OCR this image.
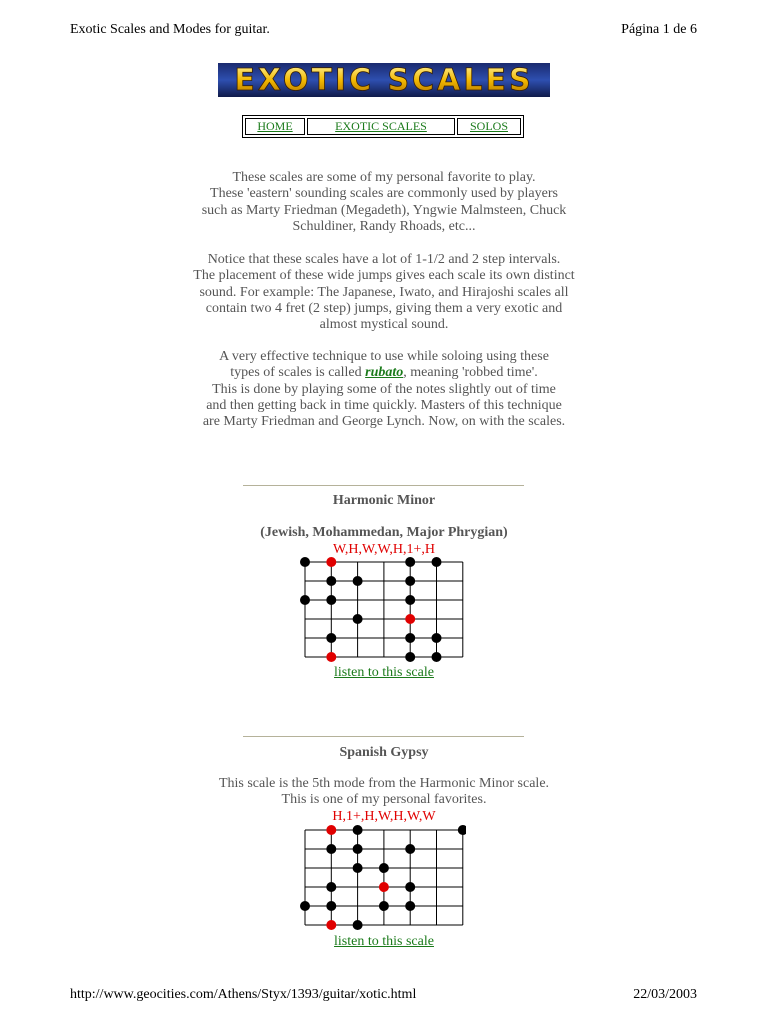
Exotic Scales and Modes for guitar.	Página 1 de 6
EXOTIC SCALES
HOME	EXOTIC SCALES	SOLOS
These scales are some of my personal favorite to play.
These 'eastern' sounding scales are commonly used by players
such as Marty Friedman (Megadeth), Yngwie Malmsteen, Chuck
Schuldiner, Randy Rhoads, etc...
Notice that these scales have a lot of 1-1/2 and 2 step intervals.
The placement of these wide jumps gives each scale its own distinct
sound. For example: The Japanese, Iwato, and Hirajoshi scales all
contain two 4 fret (2 step) jumps, giving them a very exotic and
almost mystical sound.
A very effective technique to use while soloing using these
types of scales is called rubato, meaning 'robbed time'.
This is done by playing some of the notes slightly out of time
and then getting back in time quickly. Masters of this technique
are Marty Friedman and George Lynch. Now, on with the scales.
Harmonic Minor
(Jewish, Mohammedan, Major Phrygian)
W,H,W,W,H,1+,H
listen to this scale
Spanish Gypsy
This scale is the 5th mode from the Harmonic Minor scale.
This is one of my personal favorites.
H,1+,H,W,H,W,W
listen to this scale
http://www.geocities.com/Athens/Styx/1393/guitar/xotic.html	22/03/2003
